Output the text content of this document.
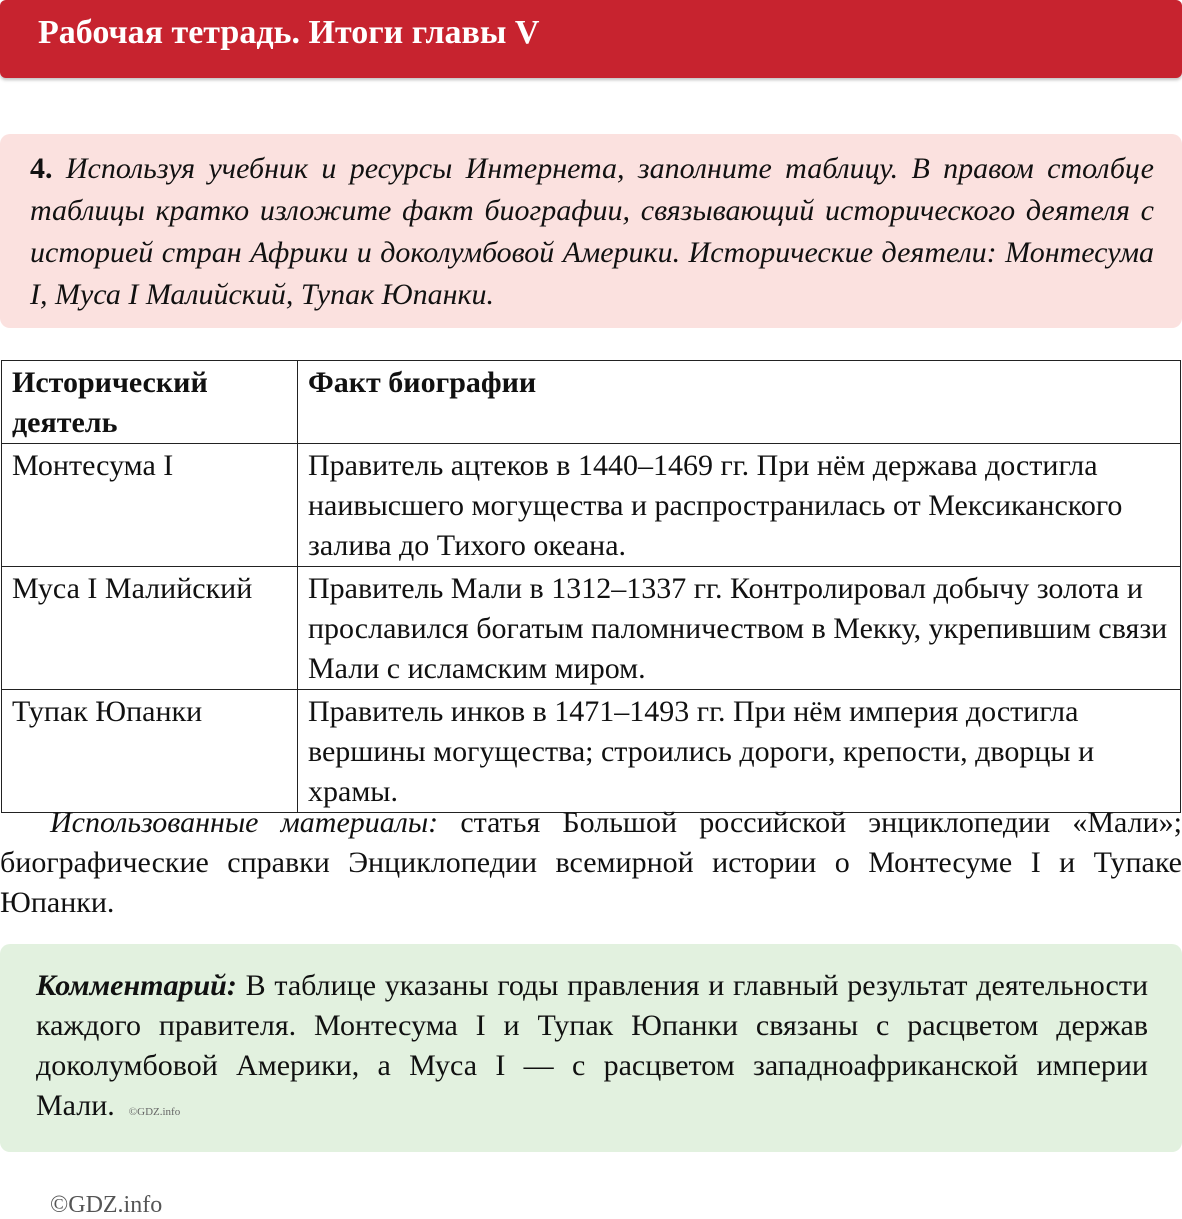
Рабочая тетрадь. Итоги главы V
4. Используя учебник и ресурсы Интернета, заполните таблицу. В правом столбце таблицы кратко изложите факт биографии, связывающий исторического деятеля с историей стран Африки и доколумбовой Америки. Исторические деятели: Монтесума I, Муса I Малийский, Тупак Юпанки.
Исторический деятель	Факт биографии
Монтесума I	Правитель ацтеков в 1440–1469 гг. При нём держава достигла наивысшего могущества и распространилась от Мексиканского залива до Тихого океана.
Муса I Малийский	Правитель Мали в 1312–1337 гг. Контролировал добычу золота и прославился богатым паломничеством в Мекку, укрепившим связи Мали с исламским миром.
Тупак Юпанки	Правитель инков в 1471–1493 гг. При нём империя достигла вершины могущества; строились дороги, крепости, дворцы и храмы.
Использованные материалы: статья Большой российской энциклопедии «Мали»; биографические справки Энциклопедии всемирной истории о Монтесуме I и Тупаке Юпанки.
Комментарий: В таблице указаны годы правления и главный результат деятельности каждого правителя. Монтесума I и Тупак Юпанки связаны с расцветом держав доколумбовой Америки, а Муса I — с расцветом западноафриканской империи Мали. ©GDZ.info
©GDZ.info
